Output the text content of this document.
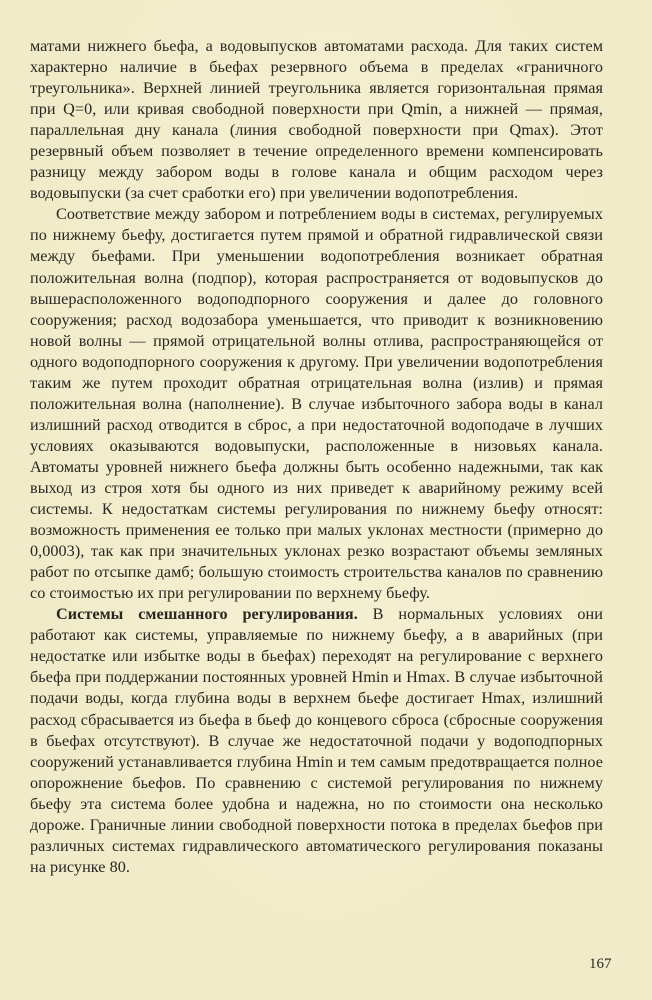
матами нижнего бьефа, а водовыпусков автоматами расхода. Для таких систем характерно наличие в бьефах резервного объема в пределах «граничного треугольника». Верхней линией треугольника является горизонтальная прямая при Q=0, или кривая свободной поверхности при Qmin, а нижней — прямая, параллельная дну канала (линия свободной поверхности при Qmax). Этот резервный объем позволяет в течение определенного времени компенсировать разницу между забором воды в голове канала и общим расходом через водовыпуски (за счет сработки его) при увеличении водопотребления.

Соответствие между забором и потреблением воды в системах, регулируемых по нижнему бьефу, достигается путем прямой и обратной гидравлической связи между бьефами. При уменьшении водопотребления возникает обратная положительная волна (подпор), которая распространяется от водовыпусков до вышерасположенного водоподпорного сооружения и далее до головного сооружения; расход водозабора уменьшается, что приводит к возникновению новой волны — прямой отрицательной волны отлива, распространяющейся от одного водоподпорного сооружения к другому. При увеличении водопотребления таким же путем проходит обратная отрицательная волна (излив) и прямая положительная волна (наполнение). В случае избыточного забора воды в канал излишний расход отводится в сброс, а при недостаточной водоподаче в лучших условиях оказываются водовыпуски, расположенные в низовьях канала. Автоматы уровней нижнего бьефа должны быть особенно надежными, так как выход из строя хотя бы одного из них приведет к аварийному режиму всей системы. К недостаткам системы регулирования по нижнему бьефу относят: возможность применения ее только при малых уклонах местности (примерно до 0,0003), так как при значительных уклонах резко возрастают объемы земляных работ по отсыпке дамб; большую стоимость строительства каналов по сравнению со стоимостью их при регулировании по верхнему бьефу.

Системы смешанного регулирования. В нормальных условиях они работают как системы, управляемые по нижнему бьефу, а в аварийных (при недостатке или избытке воды в бьефах) переходят на регулирование с верхнего бьефа при поддержании постоянных уровней Hmin и Hmax. В случае избыточной подачи воды, когда глубина воды в верхнем бьефе достигает Hmax, излишний расход сбрасывается из бьефа в бьеф до концевого сброса (сбросные сооружения в бьефах отсутствуют). В случае же недостаточной подачи у водоподпорных сооружений устанавливается глубина Hmin и тем самым предотвращается полное опорожнение бьефов. По сравнению с системой регулирования по нижнему бьефу эта система более удобна и надежна, но по стоимости она несколько дороже. Граничные линии свободной поверхности потока в пределах бьефов при различных системах гидравлического автоматического регулирования показаны на рисунке 80.

167
